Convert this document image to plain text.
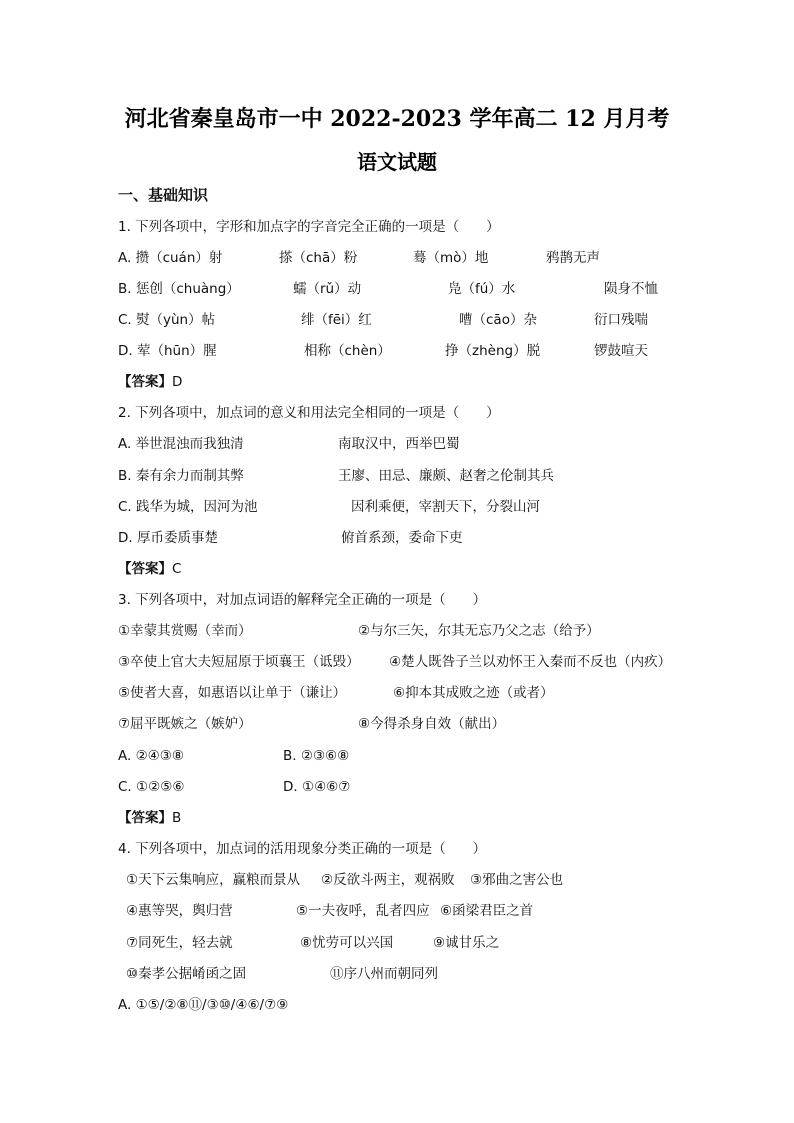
河北省秦皇岛市一中 2022-2023 学年高二 12 月月考
语文试题
一、基础知识
1. 下列各项中，字形和加点字的字音完全正确的一项是（　　）
A. 攒（cuán）射	搽（chā）粉	蓦（mò）地	鸦鹊无声
B. 惩创（chuàng）	蠕（rǔ）动	凫（fú）水	陨身不恤
C. 熨（yùn）帖	绯（fēi）红	嘈（cāo）杂	衍口残喘
D. 荤（hūn）腥	相称（chèn）	挣（zhèng）脱	锣鼓喧天
【答案】D
2. 下列各项中，加点词的意义和用法完全相同的一项是（　　）
A. 举世混浊而我独清	南取汉中，西举巴蜀
B. 秦有余力而制其弊	王廖、田忌、廉颇、赵奢之伦制其兵
C. 践华为城，因河为池	因利乘便，宰割天下，分裂山河
D. 厚币委质事楚	俯首系颈，委命下吏
【答案】C
3. 下列各项中，对加点词语的解释完全正确的一项是（　　）
①幸蒙其赏赐（幸而）	②与尔三矢，尔其无忘乃父之志（给予）
③卒使上官大夫短屈原于顷襄王（诋毁） ④楚人既咎子兰以劝怀王入秦而不反也（内疚）
⑤使者大喜，如惠语以让单于（谦让）	⑥抑本其成败之迹（或者）
⑦屈平既嫉之（嫉妒）	⑧今得杀身自效（献出）
A. ②④③⑧	B. ②③⑥⑧
C. ①②⑤⑥	D. ①④⑥⑦
【答案】B
4. 下列各项中，加点词的活用现象分类正确的一项是（　　）
①天下云集响应，赢粮而景从 ②反欲斗两主，观祸败 ③邪曲之害公也
④惠等哭，舆归营	⑤一夫夜呼，乱者四应 ⑥函梁君臣之首
⑦同死生，轻去就	⑧忧劳可以兴国	⑨诚甘乐之
⑩秦孝公据崤函之固	⑪序八州而朝同列
A. ①⑤/②⑧⑪/③⑩/④⑥/⑦⑨
